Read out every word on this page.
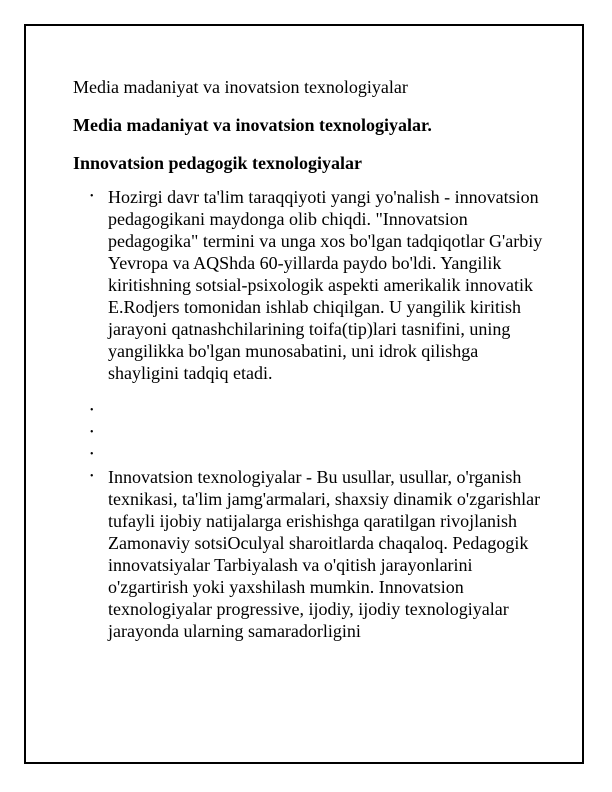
Media madaniyat va inovatsion texnologiyalar

Media madaniyat va inovatsion texnologiyalar.

Innovatsion pedagogik texnologiyalar

• Hozirgi davr ta'lim taraqqiyoti yangi yo'nalish - innovatsion pedagogikani maydonga olib chiqdi. "Innovatsion pedagogika" termini va unga xos bo'lgan tadqiqotlar G'arbiy Yevropa va AQShda 60-yillarda paydo bo'ldi. Yangilik kiritishning sotsial-psixologik aspekti amerikalik innovatik E.Rodjers tomonidan ishlab chiqilgan. U yangilik kiritish jarayoni qatnashchilarining toifa(tip)lari tasnifini, uning yangilikka bo'lgan munosabatini, uni idrok qilishga shayligini tadqiq etadi.
•
•
•
• Innovatsion texnologiyalar - Bu usullar, usullar, o'rganish texnikasi, ta'lim jamg'armalari, shaxsiy dinamik o'zgarishlar tufayli ijobiy natijalarga erishishga qaratilgan rivojlanish Zamonaviy sotsiOculyal sharoitlarda chaqaloq. Pedagogik innovatsiyalar Tarbiyalash va o'qitish jarayonlarini o'zgartirish yoki yaxshilash mumkin. Innovatsion texnologiyalar progressive, ijodiy, ijodiy texnologiyalar jarayonda ularning samaradorligini
